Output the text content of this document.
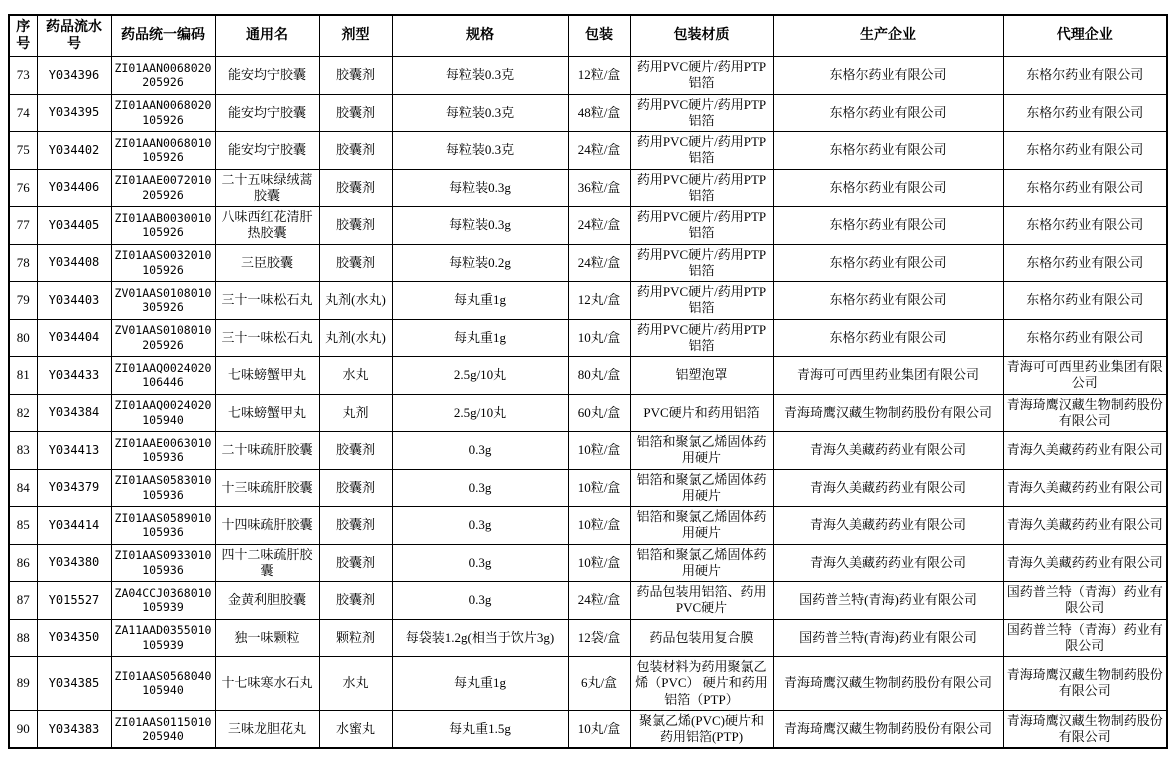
序号	药品流水号	药品统一编码	通用名	剂型	规格	包装	包装材质	生产企业	代理企业
73	Y034396	ZI01AAN0068020205926	能安均宁胶囊	胶囊剂	每粒装0.3克	12粒/盒	药用PVC硬片/药用PTP铝箔	东格尔药业有限公司	东格尔药业有限公司
74	Y034395	ZI01AAN0068020105926	能安均宁胶囊	胶囊剂	每粒装0.3克	48粒/盒	药用PVC硬片/药用PTP铝箔	东格尔药业有限公司	东格尔药业有限公司
75	Y034402	ZI01AAN0068010105926	能安均宁胶囊	胶囊剂	每粒装0.3克	24粒/盒	药用PVC硬片/药用PTP铝箔	东格尔药业有限公司	东格尔药业有限公司
76	Y034406	ZI01AAE0072010205926	二十五味绿绒蒿胶囊	胶囊剂	每粒装0.3g	36粒/盒	药用PVC硬片/药用PTP铝箔	东格尔药业有限公司	东格尔药业有限公司
77	Y034405	ZI01AAB0030010105926	八味西红花清肝热胶囊	胶囊剂	每粒装0.3g	24粒/盒	药用PVC硬片/药用PTP铝箔	东格尔药业有限公司	东格尔药业有限公司
78	Y034408	ZI01AAS0032010105926	三臣胶囊	胶囊剂	每粒装0.2g	24粒/盒	药用PVC硬片/药用PTP铝箔	东格尔药业有限公司	东格尔药业有限公司
79	Y034403	ZV01AAS0108010305926	三十一味松石丸	丸剂(水丸)	每丸重1g	12丸/盒	药用PVC硬片/药用PTP铝箔	东格尔药业有限公司	东格尔药业有限公司
80	Y034404	ZV01AAS0108010205926	三十一味松石丸	丸剂(水丸)	每丸重1g	10丸/盒	药用PVC硬片/药用PTP铝箔	东格尔药业有限公司	东格尔药业有限公司
81	Y034433	ZI01AAQ0024020106446	七味螃蟹甲丸	水丸	2.5g/10丸	80丸/盒	铝塑泡罩	青海可可西里药业集团有限公司	青海可可西里药业集团有限公司
82	Y034384	ZI01AAQ0024020105940	七味螃蟹甲丸	丸剂	2.5g/10丸	60丸/盒	PVC硬片和药用铝箔	青海琦鹰汉藏生物制药股份有限公司	青海琦鹰汉藏生物制药股份有限公司
83	Y034413	ZI01AAE0063010105936	二十味疏肝胶囊	胶囊剂	0.3g	10粒/盒	铝箔和聚氯乙烯固体药用硬片	青海久美藏药药业有限公司	青海久美藏药药业有限公司
84	Y034379	ZI01AAS0583010105936	十三味疏肝胶囊	胶囊剂	0.3g	10粒/盒	铝箔和聚氯乙烯固体药用硬片	青海久美藏药药业有限公司	青海久美藏药药业有限公司
85	Y034414	ZI01AAS0589010105936	十四味疏肝胶囊	胶囊剂	0.3g	10粒/盒	铝箔和聚氯乙烯固体药用硬片	青海久美藏药药业有限公司	青海久美藏药药业有限公司
86	Y034380	ZI01AAS0933010105936	四十二味疏肝胶囊	胶囊剂	0.3g	10粒/盒	铝箔和聚氯乙烯固体药用硬片	青海久美藏药药业有限公司	青海久美藏药药业有限公司
87	Y015527	ZA04CCJ0368010105939	金黄利胆胶囊	胶囊剂	0.3g	24粒/盒	药品包装用铝箔、药用PVC硬片	国药普兰特(青海)药业有限公司	国药普兰特（青海）药业有限公司
88	Y034350	ZA11AAD0355010105939	独一味颗粒	颗粒剂	每袋装1.2g(相当于饮片3g)	12袋/盒	药品包装用复合膜	国药普兰特(青海)药业有限公司	国药普兰特（青海）药业有限公司
89	Y034385	ZI01AAS0568040105940	十七味寒水石丸	水丸	每丸重1g	6丸/盒	包装材料为药用聚氯乙烯（PVC） 硬片和药用铝箔（PTP）	青海琦鹰汉藏生物制药股份有限公司	青海琦鹰汉藏生物制药股份有限公司
90	Y034383	ZI01AAS0115010205940	三味龙胆花丸	水蜜丸	每丸重1.5g	10丸/盒	聚氯乙烯(PVC)硬片和药用铝箔(PTP)	青海琦鹰汉藏生物制药股份有限公司	青海琦鹰汉藏生物制药股份有限公司
